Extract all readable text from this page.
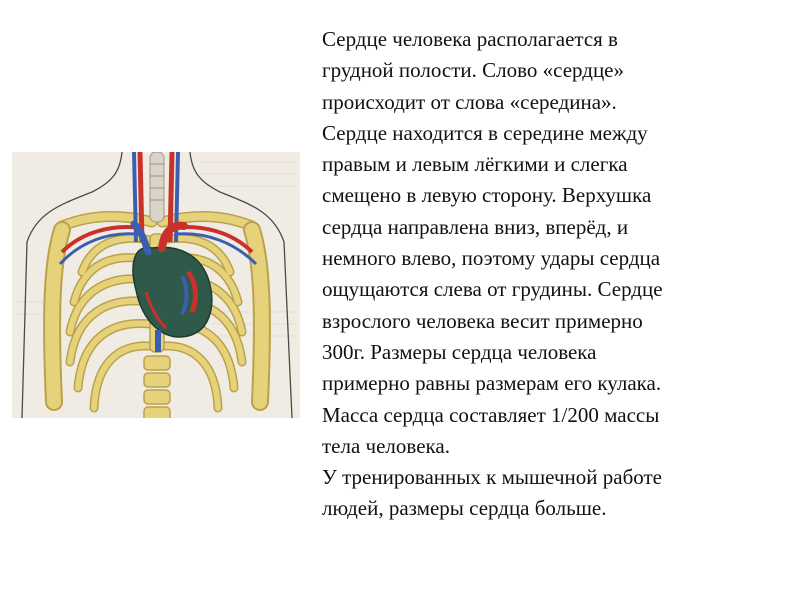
Сердце человека располагается в
грудной полости. Слово «сердце»
происходит от слова «середина».
Сердце находится в середине между
правым и левым лёгкими и слегка
смещено в левую сторону. Верхушка
сердца направлена вниз, вперёд, и
немного влево, поэтому удары сердца
ощущаются слева от грудины. Сердце
взрослого человека весит примерно
300г. Размеры сердца человека
примерно равны размерам его кулака.
Масса сердца составляет 1/200 массы
тела человека.
У тренированных к мышечной работе
людей, размеры сердца больше.
